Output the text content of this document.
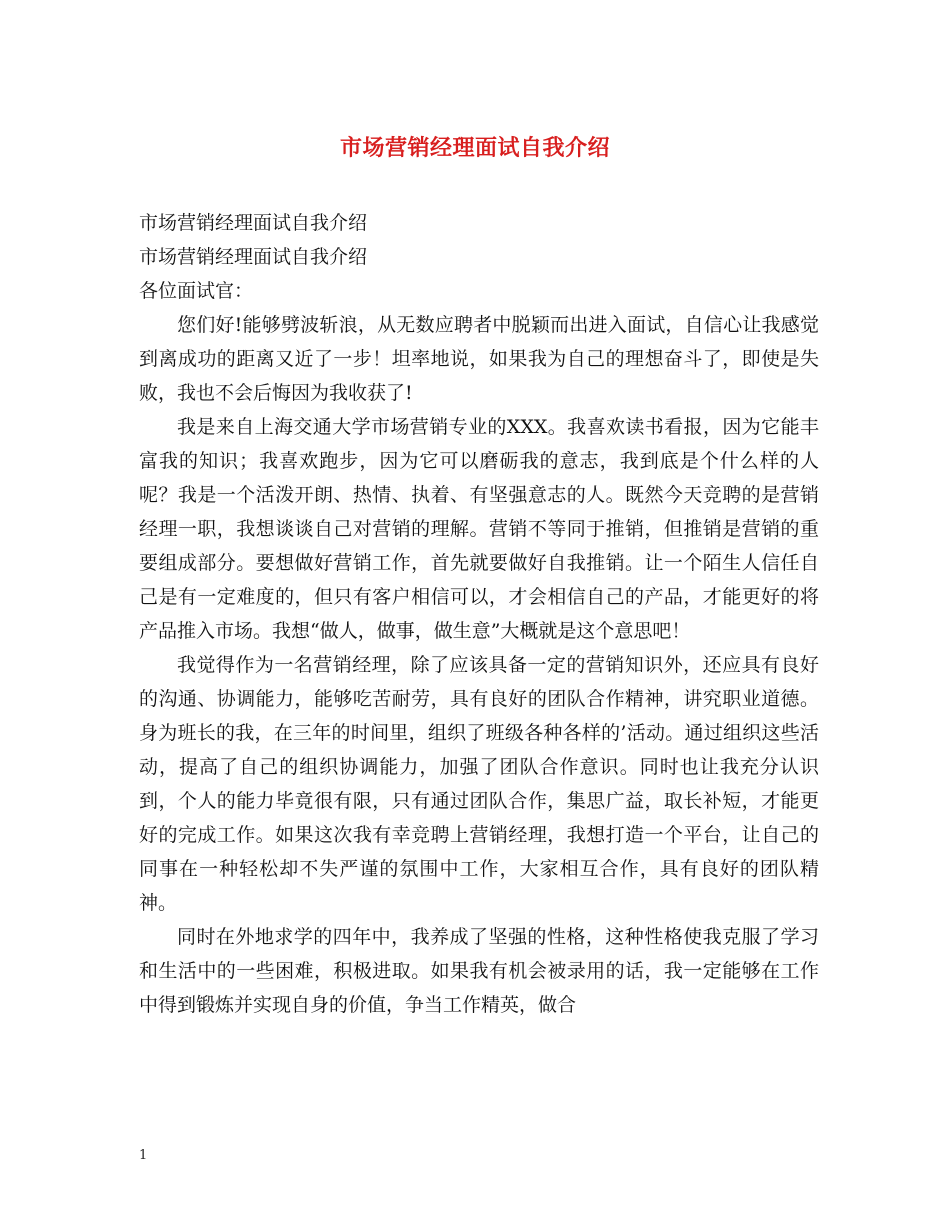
市场营销经理面试自我介绍

市场营销经理面试自我介绍

市场营销经理面试自我介绍

各位面试官：

您们好!能够劈波斩浪，从无数应聘者中脱颖而出进入面试，自信心让我感觉到离成功的距离又近了一步！坦率地说，如果我为自己的理想奋斗了，即使是失败，我也不会后悔因为我收获了!

我是来自上海交通大学市场营销专业的XXX。我喜欢读书看报，因为它能丰富我的知识；我喜欢跑步，因为它可以磨砺我的意志，我到底是个什么样的人呢？我是一个活泼开朗、热情、执着、有坚强意志的人。既然今天竞聘的是营销经理一职，我想谈谈自己对营销的理解。营销不等同于推销，但推销是营销的重要组成部分。要想做好营销工作，首先就要做好自我推销。让一个陌生人信任自己是有一定难度的，但只有客户相信可以，才会相信自己的产品，才能更好的将产品推入市场。我想“做人，做事，做生意”大概就是这个意思吧！

我觉得作为一名营销经理，除了应该具备一定的营销知识外，还应具有良好的沟通、协调能力，能够吃苦耐劳，具有良好的团队合作精神，讲究职业道德。身为班长的我，在三年的时间里，组织了班级各种各样的’活动。通过组织这些活动，提高了自己的组织协调能力，加强了团队合作意识。同时也让我充分认识到，个人的能力毕竟很有限，只有通过团队合作，集思广益，取长补短，才能更好的完成工作。如果这次我有幸竞聘上营销经理，我想打造一个平台，让自己的同事在一种轻松却不失严谨的氛围中工作，大家相互合作，具有良好的团队精神。

同时在外地求学的四年中，我养成了坚强的性格，这种性格使我克服了学习和生活中的一些困难，积极进取。如果我有机会被录用的话，我一定能够在工作中得到锻炼并实现自身的价值，争当工作精英，做合

1
